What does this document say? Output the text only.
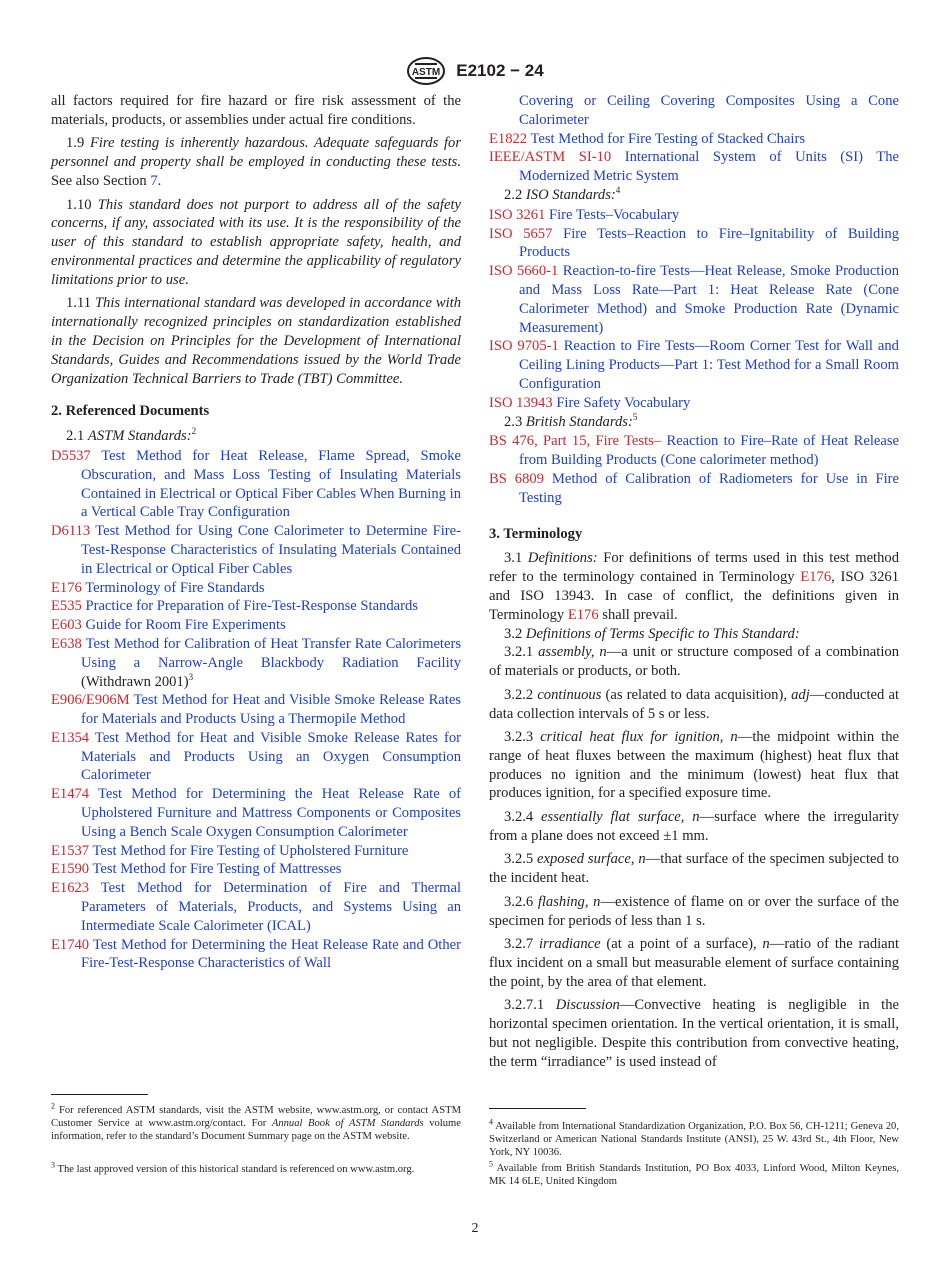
ASTM E2102 − 24

all factors required for fire hazard or fire risk assessment of the materials, products, or assemblies under actual fire conditions.

1.9 Fire testing is inherently hazardous. Adequate safeguards for personnel and property shall be employed in conducting these tests. See also Section 7.

1.10 This standard does not purport to address all of the safety concerns, if any, associated with its use. It is the responsibility of the user of this standard to establish appropriate safety, health, and environmental practices and determine the applicability of regulatory limitations prior to use.

1.11 This international standard was developed in accordance with internationally recognized principles on standardization established in the Decision on Principles for the Development of International Standards, Guides and Recommendations issued by the World Trade Organization Technical Barriers to Trade (TBT) Committee.

2. Referenced Documents
2.1 ASTM Standards:$^2$

D5537 Test Method for Heat Release, Flame Spread, Smoke Obscuration, and Mass Loss Testing of Insulating Materials Contained in Electrical or Optical Fiber Cables When Burning in a Vertical Cable Tray Configuration

D6113 Test Method for Using Cone Calorimeter to Determine Fire-Test-Response Characteristics of Insulating Materials Contained in Electrical or Optical Fiber Cables

E176 Terminology of Fire Standards

E535 Practice for Preparation of Fire-Test-Response Standards

E603 Guide for Room Fire Experiments

E638 Test Method for Calibration of Heat Transfer Rate Calorimeters Using a Narrow-Angle Blackbody Radiation Facility (Withdrawn 2001)$^3$

E906/E906M Test Method for Heat and Visible Smoke Release Rates for Materials and Products Using a Thermopile Method

E1354 Test Method for Heat and Visible Smoke Release Rates for Materials and Products Using an Oxygen Consumption Calorimeter

E1474 Test Method for Determining the Heat Release Rate of Upholstered Furniture and Mattress Components or Composites Using a Bench Scale Oxygen Consumption Calorimeter

E1537 Test Method for Fire Testing of Upholstered Furniture

E1590 Test Method for Fire Testing of Mattresses

E1623 Test Method for Determination of Fire and Thermal Parameters of Materials, Products, and Systems Using an Intermediate Scale Calorimeter (ICAL)

E1740 Test Method for Determining the Heat Release Rate and Other Fire-Test-Response Characteristics of Wall

$^2$ For referenced ASTM standards, visit the ASTM website, www.astm.org, or contact ASTM Customer Service at www.astm.org/contact. For Annual Book of ASTM Standards volume information, refer to the standard’s Document Summary page on the ASTM website.
$^3$ The last approved version of this historical standard is referenced on www.astm.org.

Covering or Ceiling Covering Composites Using a Cone Calorimeter

E1822 Test Method for Fire Testing of Stacked Chairs

IEEE/ASTM SI-10 International System of Units (SI) The Modernized Metric System

2.2 ISO Standards:$^4$

ISO 3261 Fire Tests–Vocabulary

ISO 5657 Fire Tests–Reaction to Fire–Ignitability of Building Products

ISO 5660-1 Reaction-to-fire Tests—Heat Release, Smoke Production and Mass Loss Rate—Part 1: Heat Release Rate (Cone Calorimeter Method) and Smoke Production Rate (Dynamic Measurement)

ISO 9705-1 Reaction to Fire Tests—Room Corner Test for Wall and Ceiling Lining Products—Part 1: Test Method for a Small Room Configuration

ISO 13943 Fire Safety Vocabulary

2.3 British Standards:$^5$

BS 476, Part 15, Fire Tests– Reaction to Fire–Rate of Heat Release from Building Products (Cone calorimeter method)

BS 6809 Method of Calibration of Radiometers for Use in Fire Testing

3. Terminology

3.1 Definitions: For definitions of terms used in this test method refer to the terminology contained in Terminology E176, ISO 3261 and ISO 13943. In case of conflict, the definitions given in Terminology E176 shall prevail.

3.2 Definitions of Terms Specific to This Standard:

3.2.1 assembly, n—a unit or structure composed of a combination of materials or products, or both.

3.2.2 continuous (as related to data acquisition), adj—conducted at data collection intervals of 5 s or less.

3.2.3 critical heat flux for ignition, n—the midpoint within the range of heat fluxes between the maximum (highest) heat flux that produces no ignition and the minimum (lowest) heat flux that produces ignition, for a specified exposure time.

3.2.4 essentially flat surface, n—surface where the irregularity from a plane does not exceed ±1 mm.

3.2.5 exposed surface, n—that surface of the specimen subjected to the incident heat.

3.2.6 flashing, n—existence of flame on or over the surface of the specimen for periods of less than 1 s.

3.2.7 irradiance (at a point of a surface), n—ratio of the radiant flux incident on a small but measurable element of surface containing the point, by the area of that element.

3.2.7.1 Discussion—Convective heating is negligible in the horizontal specimen orientation. In the vertical orientation, it is small, but not negligible. Despite this contribution from convective heating, the term “irradiance” is used instead of

$^4$ Available from International Standardization Organization, P.O. Box 56, CH-1211; Geneva 20, Switzerland or American National Standards Institute (ANSI), 25 W. 43rd St., 4th Floor, New York, NY 10036.
$^5$ Available from British Standards Institution, PO Box 4033, Linford Wood, Milton Keynes, MK 14 6LE, United Kingdom
2
